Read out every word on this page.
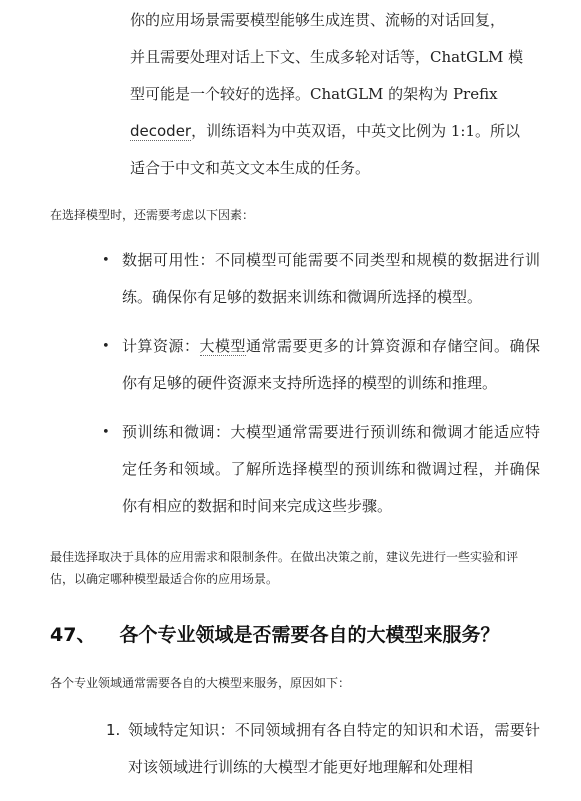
你的应用场景需要模型能够生成连贯、流畅的对话回复，
并且需要处理对话上下文、生成多轮对话等，ChatGLM 模
型可能是一个较好的选择。ChatGLM 的架构为 Prefix
decoder，训练语料为中英双语，中英文比例为 1:1。所以
适合于中文和英文文本生成的任务。
在选择模型时，还需要考虑以下因素：
• 数据可用性：不同模型可能需要不同类型和规模的数据进行训练。确保你有足够的数据来训练和微调所选择的模型。
• 计算资源：大模型通常需要更多的计算资源和存储空间。确保你有足够的硬件资源来支持所选择的模型的训练和推理。
• 预训练和微调：大模型通常需要进行预训练和微调才能适应特定任务和领域。了解所选择模型的预训练和微调过程，并确保你有相应的数据和时间来完成这些步骤。
最佳选择取决于具体的应用需求和限制条件。在做出决策之前，建议先进行一些实验和评估，以确定哪种模型最适合你的应用场景。
47、 各个专业领域是否需要各自的大模型来服务？
各个专业领域通常需要各自的大模型来服务，原因如下：
1. 领域特定知识：不同领域拥有各自特定的知识和术语，需要针对该领域进行训练的大模型才能更好地理解和处理相
